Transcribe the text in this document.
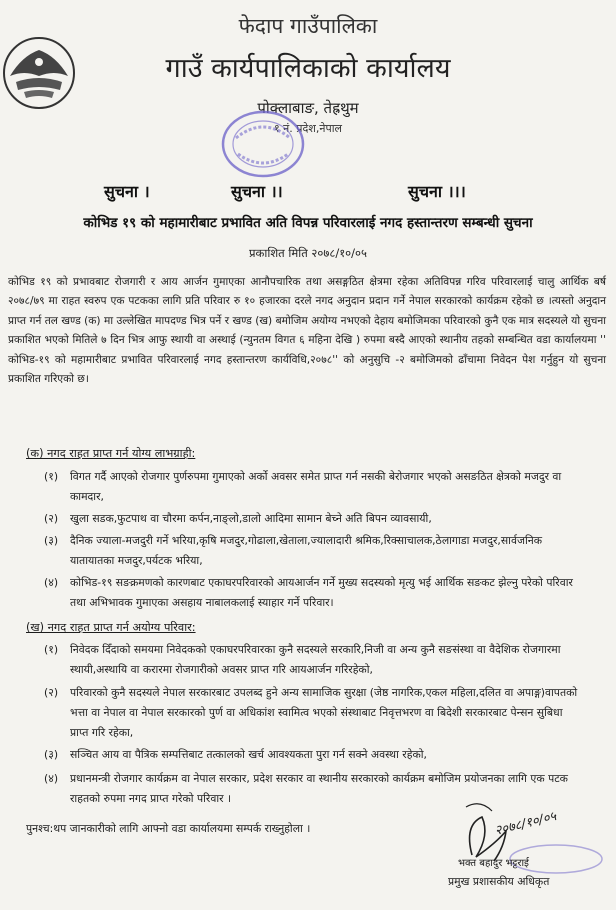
फेदाप गाउँपालिका
गाउँ कार्यपालिकाको कार्यालय
पोक्लाबाङ, तेह्रथुम
१ नं. प्रदेश,नेपाल
सुचना ।	सुचना ।।	सुचना ।।।
कोभिड १९ को महामारीबाट प्रभावित अति विपन्न परिवारलाई नगद हस्तान्तरण सम्बन्धी सुचना
प्रकाशित मिति २०७८/१०/०५
कोभिड १९ को प्रभावबाट रोजगारी र आय आर्जन गुमाएका आनौपचारिक तथा असङ्गठित क्षेत्रमा रहेका अतिविपन्न गरिव परिवारलाई चालु आर्थिक बर्ष २०७८/७९ मा राहत स्वरुप एक पटकका लागि प्रति परिवार रु १० हजारका दरले नगद अनुदान प्रदान गर्ने नेपाल सरकारको कार्यक्रम रहेको छ ।त्यस्तो अनुदान प्राप्त गर्न तल खण्ड (क) मा उल्लेखित मापदण्ड भित्र पर्ने र खण्ड (ख) बमोजिम अयोग्य नभएको देहाय बमोजिमका परिवारको कुनै एक मात्र सदस्यले यो सुचना प्रकाशित भएको मितिले ७ दिन भित्र आफु स्थायी वा अस्थाई (न्युनतम विगत ६ महिना देखि ) रुपमा बस्दै आएको स्थानीय तहको सम्बन्धित वडा कार्यालयमा '' कोभिड-१९ को महामारीबाट प्रभावित परिवारलाई नगद हस्तान्तरण कार्यविधि,२०७८'' को अनुसुचि -२ बमोजिमको ढाँचामा निवेदन पेश गर्नुहुन यो सुचना प्रकाशित गरिएको छ।
(क) नगद राहत प्राप्त गर्न योग्य लाभग्राही:
(१)	विगत गर्दै आएको रोजगार पुर्णरुपमा गुमाएको अर्को अवसर समेत प्राप्त गर्न नसकी बेरोजगार भएको असङठित क्षेत्रको मजदुर वा कामदार,
(२)	खुला सडक,फुटपाथ वा चौरमा कर्पन,नाङ्लो,डालो आदिमा सामान बेच्ने अति बिपन व्यावसायी,
(३)	दैनिक ज्याला-मजदुरी गर्ने भरिया,कृषि मजदुर,गोढाला,खेताला,ज्यालादारी श्रमिक,रिक्साचालक,ठेलागाडा मजदुर,सार्वजनिक यातायातका मजदुर,पर्यटक भरिया,
(४)	कोभिड-१९ सङक्रमणको कारणबाट एकाघरपरिवारको आयआर्जन गर्ने मुख्य सदस्यको मृत्यु भई आर्थिक सङकट झेल्नु परेको परिवार तथा अभिभावक गुमाएका असहाय नाबालकलाई स्याहार गर्ने परिवार।
(ख) नगद राहत प्राप्त गर्न अयोग्य परिवार:
(१)	निवेदक दिँदाको समयमा निवेदकको एकाघरपरिवारका कुनै सदस्यले सरकारि,निजी वा अन्य कुनै सङसंस्था वा वैदेशिक रोजगारमा स्थायी,अस्थायि वा करारमा रोजगारीको अवसर प्राप्त गरि आयआर्जन गरिरहेको,
(२)	परिवारको कुनै सदस्यले नेपाल सरकारबाट उपलब्द हुने अन्य सामाजिक सुरक्षा (जेष्ठ नागरिक,एकल महिला,दलित वा अपाङ्ग)वापतको भत्ता वा नेपाल वा नेपाल सरकारको पुर्ण वा अधिकांश स्वामित्व भएको संस्थाबाट निवृत्तभरण वा बिदेशी सरकारबाट पेन्सन सुबिधा प्राप्त गरि रहेका,
(३)	सञ्चित आय वा पैत्रिक सम्पत्तिबाट तत्कालको खर्च आवश्यकता पुरा गर्न सक्ने अवस्था रहेको,
(४)	प्रधानमन्त्री रोजगार कार्यक्रम वा नेपाल सरकार, प्रदेश सरकार वा स्थानीय सरकारको कार्यक्रम बमोजिम प्रयोजनका लागि एक पटक राहतको रुपमा नगद प्राप्त गरेको परिवार ।
पुनश्च:थप जानकारीको लागि आफ्नो वडा कार्यालयमा सम्पर्क राख्नुहोला ।	२०७८/१०/०५
भक्त बहादुर भट्टराई
प्रमुख प्रशासकीय अधिकृत
